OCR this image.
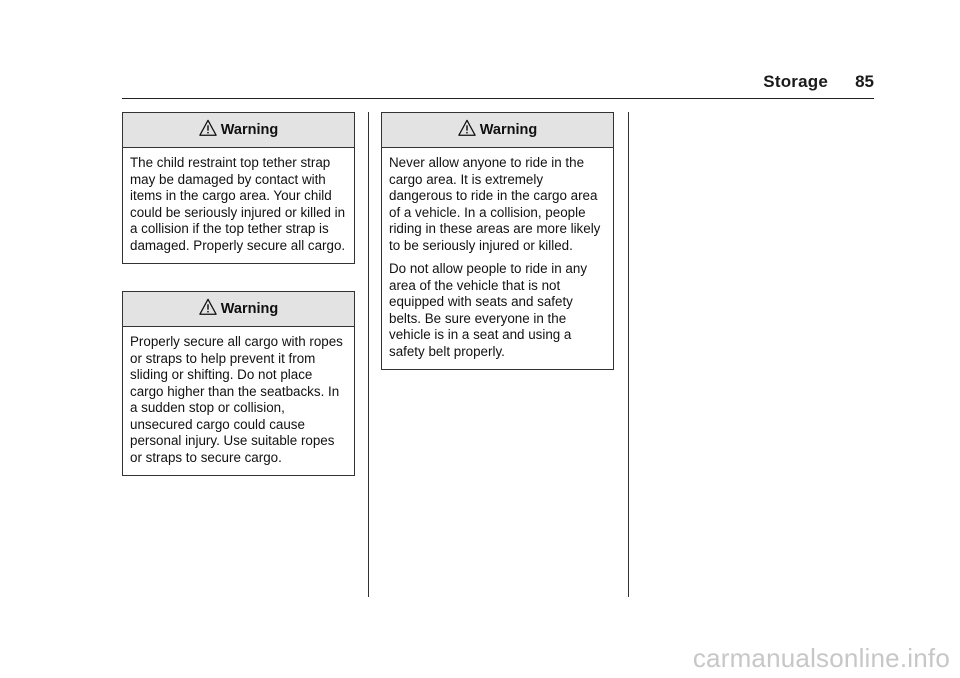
Storage 85
Warning

The child restraint top tether strap may be damaged by contact with items in the cargo area. Your child could be seriously injured or killed in a collision if the top tether strap is damaged. Properly secure all cargo.

Warning

Properly secure all cargo with ropes or straps to help prevent it from sliding or shifting. Do not place cargo higher than the seatbacks. In a sudden stop or collision, unsecured cargo could cause personal injury. Use suitable ropes or straps to secure cargo.

Warning

Never allow anyone to ride in the cargo area. It is extremely dangerous to ride in the cargo area of a vehicle. In a collision, people riding in these areas are more likely to be seriously injured or killed.

Do not allow people to ride in any area of the vehicle that is not equipped with seats and safety belts. Be sure everyone in the vehicle is in a seat and using a safety belt properly.

carmanualsonline.info
